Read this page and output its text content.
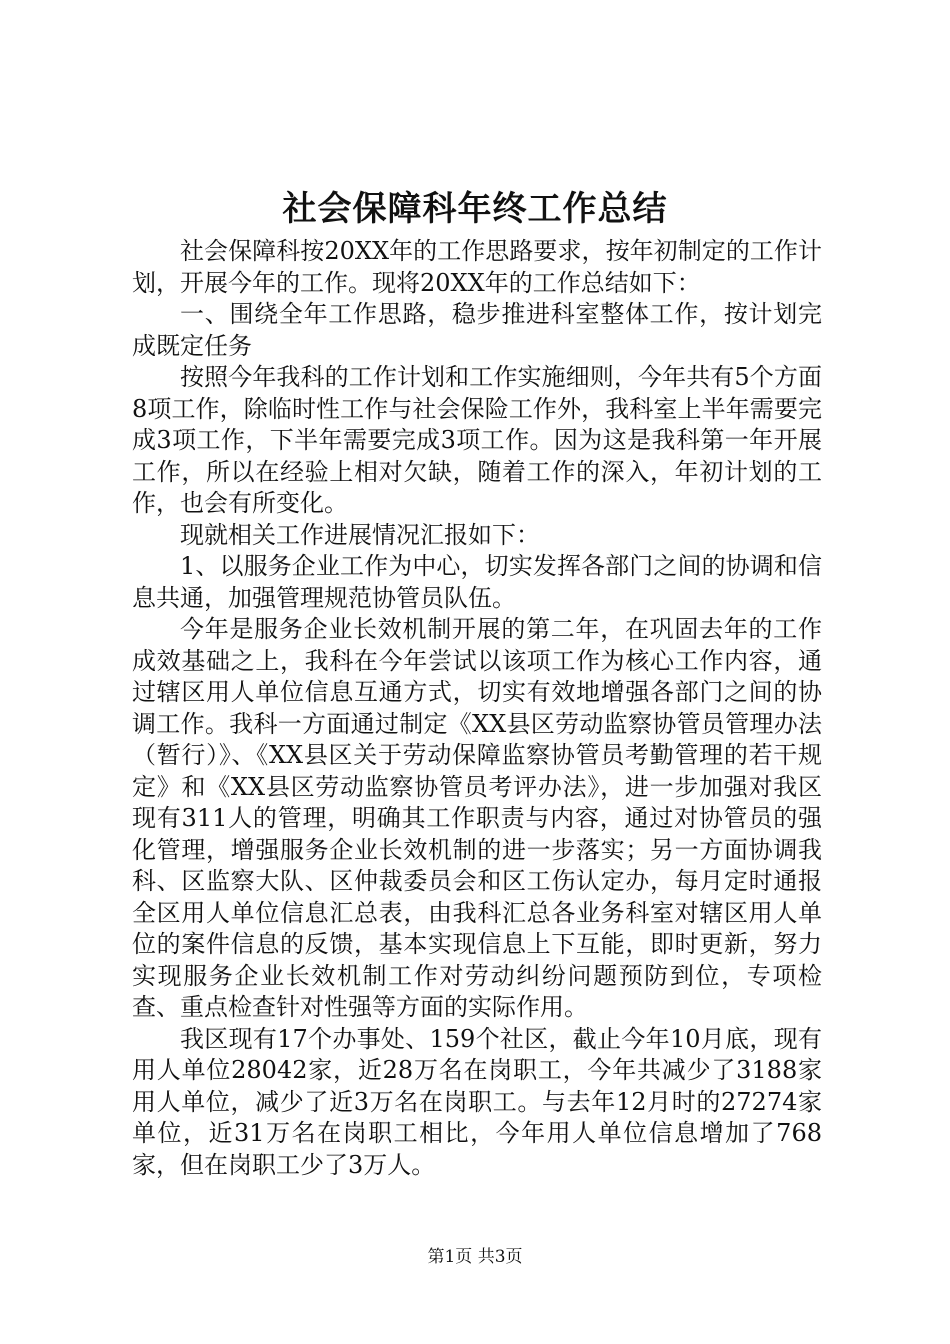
社会保障科年终工作总结

社会保障科按20XX年的工作思路要求，按年初制定的工作计划，开展今年的工作。现将20XX年的工作总结如下：

一、围绕全年工作思路，稳步推进科室整体工作，按计划完成既定任务

按照今年我科的工作计划和工作实施细则，今年共有5个方面8项工作，除临时性工作与社会保险工作外，我科室上半年需要完成3项工作，下半年需要完成3项工作。因为这是我科第一年开展工作，所以在经验上相对欠缺，随着工作的深入，年初计划的工作，也会有所变化。

现就相关工作进展情况汇报如下：

1、以服务企业工作为中心，切实发挥各部门之间的协调和信息共通，加强管理规范协管员队伍。

今年是服务企业长效机制开展的第二年，在巩固去年的工作成效基础之上，我科在今年尝试以该项工作为核心工作内容，通过辖区用人单位信息互通方式，切实有效地增强各部门之间的协调工作。我科一方面通过制定《XX县区劳动监察协管员管理办法（暂行）》、《XX县区关于劳动保障监察协管员考勤管理的若干规定》和《XX县区劳动监察协管员考评办法》，进一步加强对我区现有311人的管理，明确其工作职责与内容，通过对协管员的强化管理，增强服务企业长效机制的进一步落实；另一方面协调我科、区监察大队、区仲裁委员会和区工伤认定办，每月定时通报全区用人单位信息汇总表，由我科汇总各业务科室对辖区用人单位的案件信息的反馈，基本实现信息上下互能，即时更新，努力实现服务企业长效机制工作对劳动纠纷问题预防到位，专项检查、重点检查针对性强等方面的实际作用。

我区现有17个办事处、159个社区，截止今年10月底，现有用人单位28042家，近28万名在岗职工，今年共减少了3188家用人单位，减少了近3万名在岗职工。与去年12月时的27274家单位，近31万名在岗职工相比，今年用人单位信息增加了768家，但在岗职工少了3万人。

第1页 共3页
